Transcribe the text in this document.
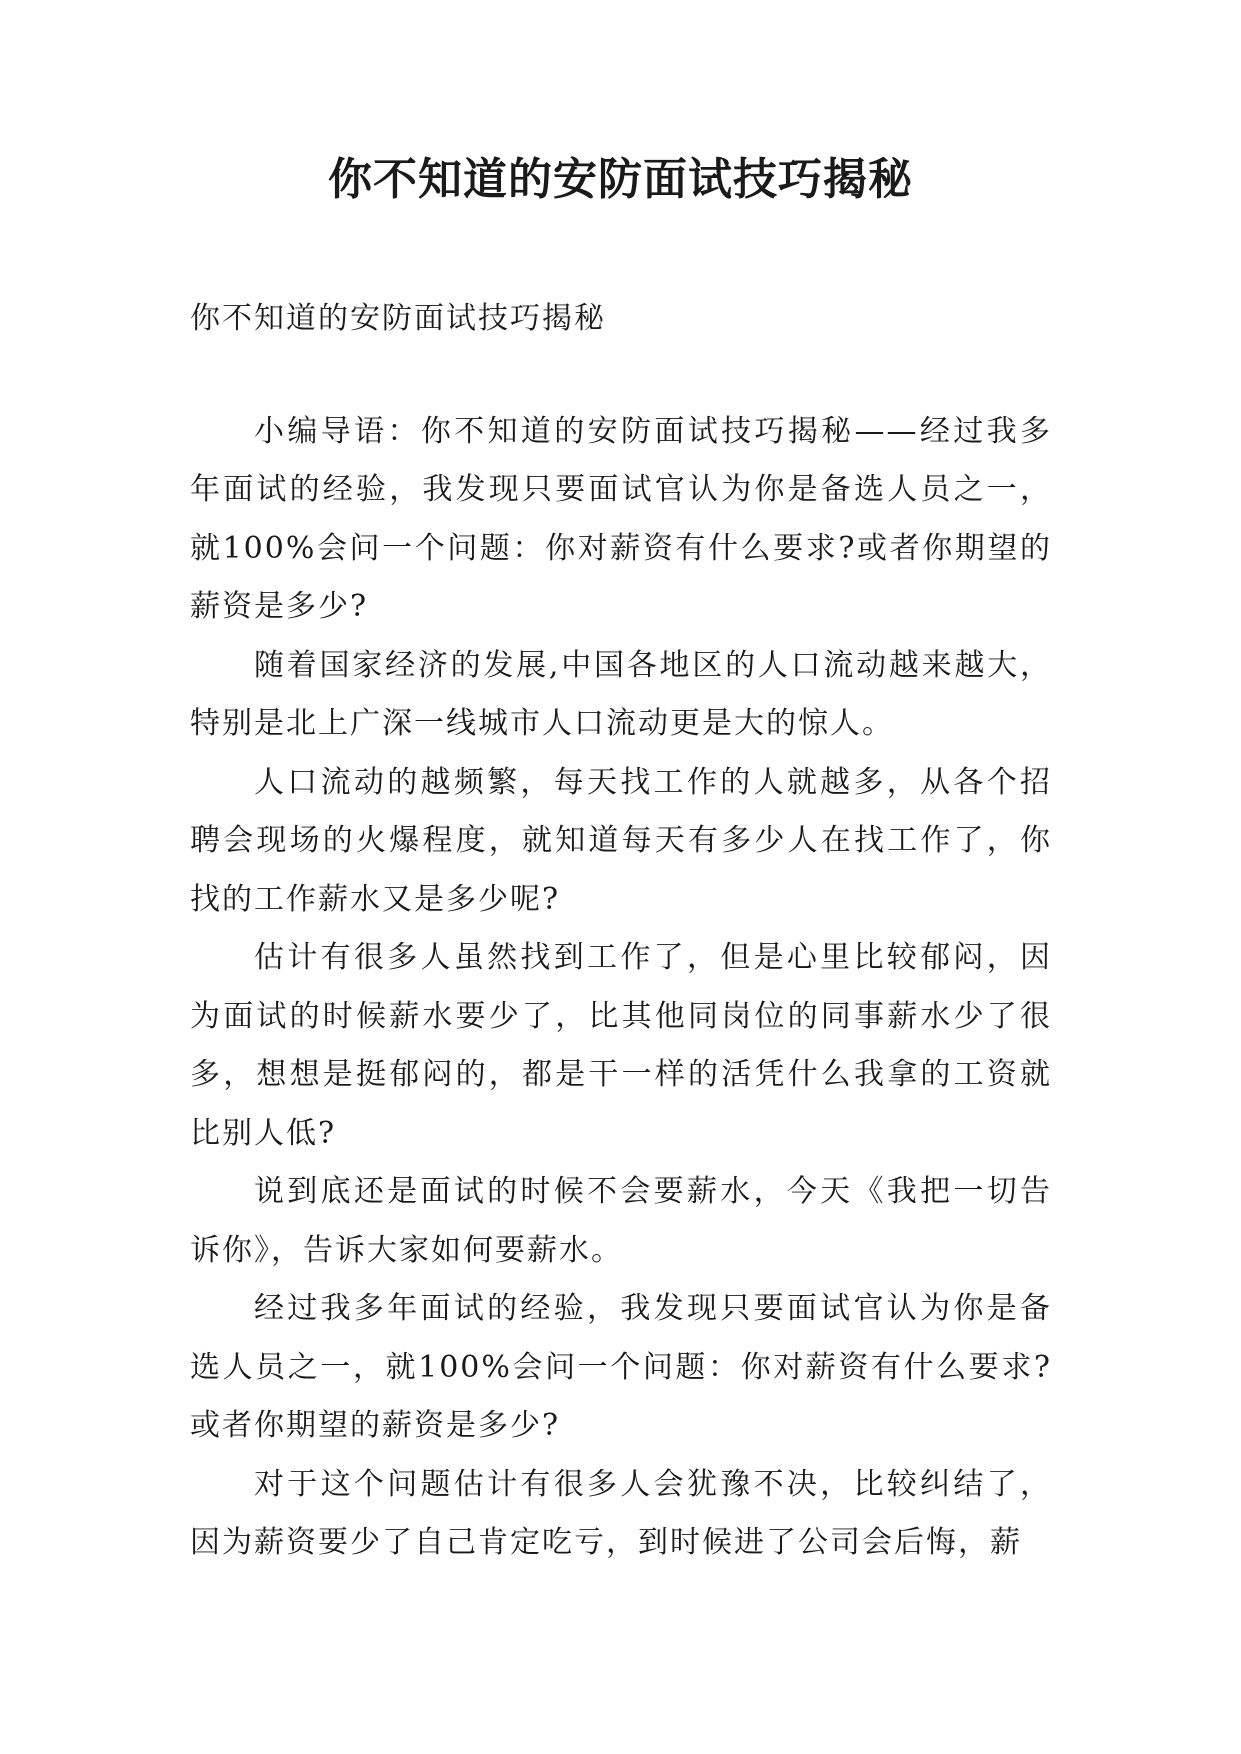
你不知道的安防面试技巧揭秘

你不知道的安防面试技巧揭秘

小编导语：你不知道的安防面试技巧揭秘——经过我多年面试的经验，我发现只要面试官认为你是备选人员之一，就100%会问一个问题：你对薪资有什么要求?或者你期望的薪资是多少?

随着国家经济的发展,中国各地区的人口流动越来越大，特别是北上广深一线城市人口流动更是大的惊人。

人口流动的越频繁，每天找工作的人就越多，从各个招聘会现场的火爆程度，就知道每天有多少人在找工作了，你找的工作薪水又是多少呢?

估计有很多人虽然找到工作了，但是心里比较郁闷，因为面试的时候薪水要少了，比其他同岗位的同事薪水少了很多，想想是挺郁闷的，都是干一样的活凭什么我拿的工资就比别人低?

说到底还是面试的时候不会要薪水，今天《我把一切告诉你》，告诉大家如何要薪水。

经过我多年面试的经验，我发现只要面试官认为你是备选人员之一，就100%会问一个问题：你对薪资有什么要求?或者你期望的薪资是多少?

对于这个问题估计有很多人会犹豫不决，比较纠结了，因为薪资要少了自己肯定吃亏，到时候进了公司会后悔，薪
